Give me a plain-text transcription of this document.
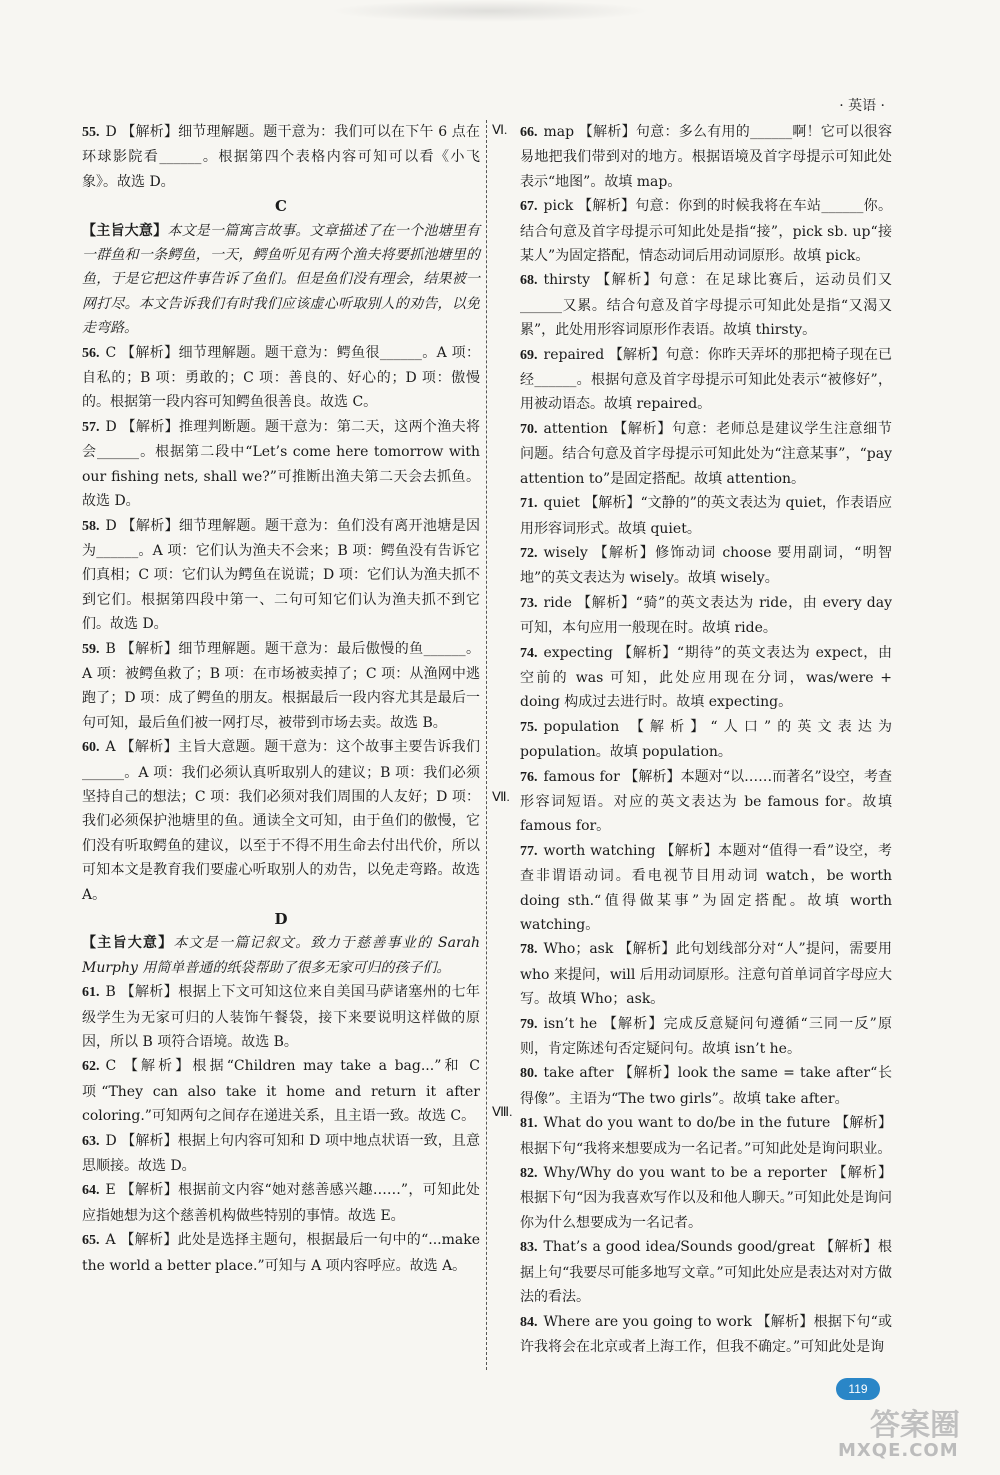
· 英语 ·

55. D 【解析】细节理解题。题干意为：我们可以在下午 6 点在环球影院看______。根据第四个表格内容可知可以看《小飞象》。故选 D。

C

【主旨大意】本文是一篇寓言故事。文章描述了在一个池塘里有一群鱼和一条鳄鱼，一天，鳄鱼听见有两个渔夫将要抓池塘里的鱼，于是它把这件事告诉了鱼们。但是鱼们没有理会，结果被一网打尽。本文告诉我们有时我们应该虚心听取别人的劝告，以免走弯路。

56. C 【解析】细节理解题。题干意为：鳄鱼很______。A 项：自私的；B 项：勇敢的；C 项：善良的、好心的；D 项：傲慢的。根据第一段内容可知鳄鱼很善良。故选 C。

57. D 【解析】推理判断题。题干意为：第二天，这两个渔夫将会______。根据第二段中“Let’s come here tomorrow with our fishing nets, shall we?”可推断出渔夫第二天会去抓鱼。故选 D。

58. D 【解析】细节理解题。题干意为：鱼们没有离开池塘是因为______。A 项：它们认为渔夫不会来；B 项：鳄鱼没有告诉它们真相；C 项：它们认为鳄鱼在说谎；D 项：它们认为渔夫抓不到它们。根据第四段中第一、二句可知它们认为渔夫抓不到它们。故选 D。

59. B 【解析】细节理解题。题干意为：最后傲慢的鱼______。A 项：被鳄鱼救了；B 项：在市场被卖掉了；C 项：从渔网中逃跑了；D 项：成了鳄鱼的朋友。根据最后一段内容尤其是最后一句可知，最后鱼们被一网打尽，被带到市场去卖。故选 B。

60. A 【解析】主旨大意题。题干意为：这个故事主要告诉我们______。A 项：我们必须认真听取别人的建议；B 项：我们必须坚持自己的想法；C 项：我们必须对我们周围的人友好；D 项：我们必须保护池塘里的鱼。通读全文可知，由于鱼们的傲慢，它们没有听取鳄鱼的建议，以至于不得不用生命去付出代价，所以可知本文是教育我们要虚心听取别人的劝告，以免走弯路。故选 A。

D

【主旨大意】本文是一篇记叙文。致力于慈善事业的 Sarah Murphy 用简单普通的纸袋帮助了很多无家可归的孩子们。

61. B 【解析】根据上下文可知这位来自美国马萨诸塞州的七年级学生为无家可归的人装饰午餐袋，接下来要说明这样做的原因，所以 B 项符合语境。故选 B。

62. C 【解析】根据“Children may take a bag...”和 C 项“They can also take it home and return it after coloring.”可知两句之间存在递进关系，且主语一致。故选 C。

63. D 【解析】根据上句内容可知和 D 项中地点状语一致，且意思顺接。故选 D。

64. E 【解析】根据前文内容“她对慈善感兴趣……”，可知此处应指她想为这个慈善机构做些特别的事情。故选 E。

65. A 【解析】此处是选择主题句，根据最后一句中的“...make the world a better place.”可知与 A 项内容呼应。故选 A。

66. map 【解析】句意：多么有用的______啊！它可以很容易地把我们带到对的地方。根据语境及首字母提示可知此处表示“地图”。故填 map。

67. pick 【解析】句意：你到的时候我将在车站______你。结合句意及首字母提示可知此处是指“接”，pick sb. up“接某人”为固定搭配，情态动词后用动词原形。故填 pick。

68. thirsty 【解析】句意：在足球比赛后，运动员们又______又累。结合句意及首字母提示可知此处是指“又渴又累”，此处用形容词原形作表语。故填 thirsty。

69. repaired 【解析】句意：你昨天弄坏的那把椅子现在已经______。根据句意及首字母提示可知此处表示“被修好”，用被动语态。故填 repaired。

70. attention 【解析】句意：老师总是建议学生注意细节问题。结合句意及首字母提示可知此处为“注意某事”，“pay attention to”是固定搭配。故填 attention。

71. quiet 【解析】“文静的”的英文表达为 quiet，作表语应用形容词形式。故填 quiet。

72. wisely 【解析】修饰动词 choose 要用副词，“明智地”的英文表达为 wisely。故填 wisely。

73. ride 【解析】“骑”的英文表达为 ride，由 every day 可知，本句应用一般现在时。故填 ride。

74. expecting 【解析】“期待”的英文表达为 expect，由空前的 was 可知，此处应用现在分词，was/were + doing 构成过去进行时。故填 expecting。

75. population 【解析】“人口”的英文表达为 population。故填 population。

76. famous for 【解析】本题对“以……而著名”设空，考查形容词短语。对应的英文表达为 be famous for。故填 famous for。

77. worth watching 【解析】本题对“值得一看”设空，考查非谓语动词。看电视节目用动词 watch，be worth doing sth.“值得做某事”为固定搭配。故填 worth watching。

78. Who；ask 【解析】此句划线部分对“人”提问，需要用 who 来提问，will 后用动词原形。注意句首单词首字母应大写。故填 Who；ask。

79. isn’t he 【解析】完成反意疑问句遵循“三同一反”原则，肯定陈述句否定疑问句。故填 isn’t he。

80. take after 【解析】look the same = take after“长得像”。主语为“The two girls”。故填 take after。

81. What do you want to do/be in the future 【解析】根据下句“我将来想要成为一名记者。”可知此处是询问职业。

82. Why/Why do you want to be a reporter 【解析】根据下句“因为我喜欢写作以及和他人聊天。”可知此处是询问你为什么想要成为一名记者。

83. That’s a good idea/Sounds good/great 【解析】根据上句“我要尽可能多地写文章。”可知此处应是表达对对方做法的看法。

84. Where are you going to work 【解析】根据下句“或许我将会在北京或者上海工作，但我不确定。”可知此处是询

Ⅵ.
Ⅶ.
Ⅷ.
119
答案圈
MXQE.COM
